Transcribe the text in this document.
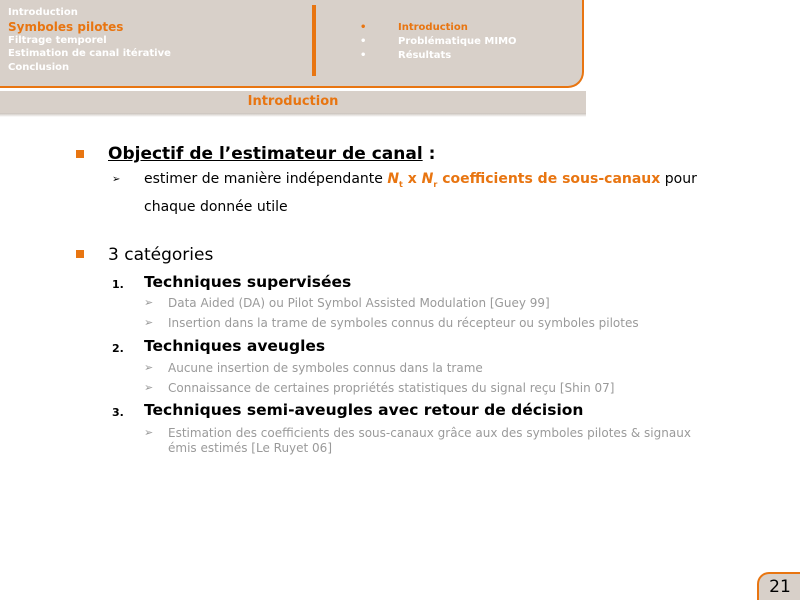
Introduction
Symboles pilotes
Filtrage temporel
Estimation de canal itérative
Conclusion
•	Introduction
•	Problématique MIMO
•	Résultats
Introduction
Objectif de l’estimateur de canal :
➢ estimer de manière indépendante $N_t$ x $N_r$ coefficients de sous-canaux pour chaque donnée utile
3 catégories
1. Techniques supervisées
➢ Data Aided (DA) ou Pilot Symbol Assisted Modulation [Guey 99]
➢ Insertion dans la trame de symboles connus du récepteur ou symboles pilotes
2. Techniques aveugles
➢ Aucune insertion de symboles connus dans la trame
➢ Connaissance de certaines propriétés statistiques du signal reçu [Shin 07]
3. Techniques semi-aveugles avec retour de décision
➢ Estimation des coefficients des sous-canaux grâce aux des symboles pilotes & signaux émis estimés [Le Ruyet 06]
21
